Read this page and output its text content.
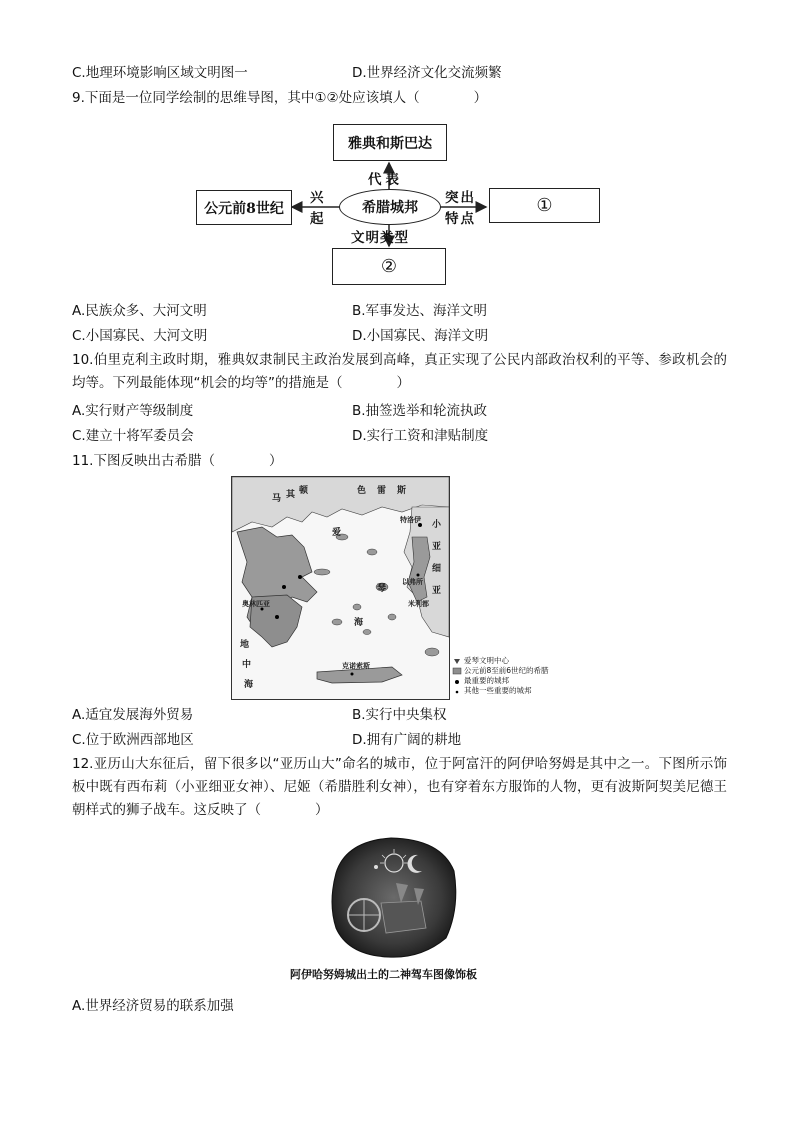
C.地理环境影响区域文明图一	D.世界经济文化交流频繁
9.下面是一位同学绘制的思维导图，其中①②处应该填人（　　　　）
雅典和斯巴达
希腊城邦
公元前8世纪	①
②
代表
兴
起
突出
特点
文明类型
A.民族众多、大河文明	B.军事发达、海洋文明
C.小国寡民、大河文明	D.小国寡民、海洋文明
10.伯里克利主政时期，雅典奴隶制民主政治发展到高峰，真正实现了公民内部政治权利的平等、参政机会的均等。下列最能体现“机会的均等”的措施是（　　　　）
A.实行财产等级制度	B.抽签选举和轮流执政
C.建立十将军委员会	D.实行工资和津贴制度
11.下图反映出古希腊（　　　　）
马 其 顿	色 雷 斯
爱
琴
海
小
亚
细
亚
地
中
海
特洛伊
奥林匹亚
以弗所
米利都
克诺索斯
爱琴文明中心
公元前8至前6世纪的希腊
最重要的城邦
其他一些重要的城邦
A.适宜发展海外贸易	B.实行中央集权
C.位于欧洲西部地区	D.拥有广阔的耕地
12.亚历山大东征后，留下很多以“亚历山大”命名的城市，位于阿富汗的阿伊哈努姆是其中之一。下图所示饰板中既有西布莉（小亚细亚女神）、尼姬（希腊胜利女神），也有穿着东方服饰的人物，更有波斯阿契美尼德王朝样式的狮子战车。这反映了（　　　　）
阿伊哈努姆城出土的二神驾车图像饰板
A.世界经济贸易的联系加强
